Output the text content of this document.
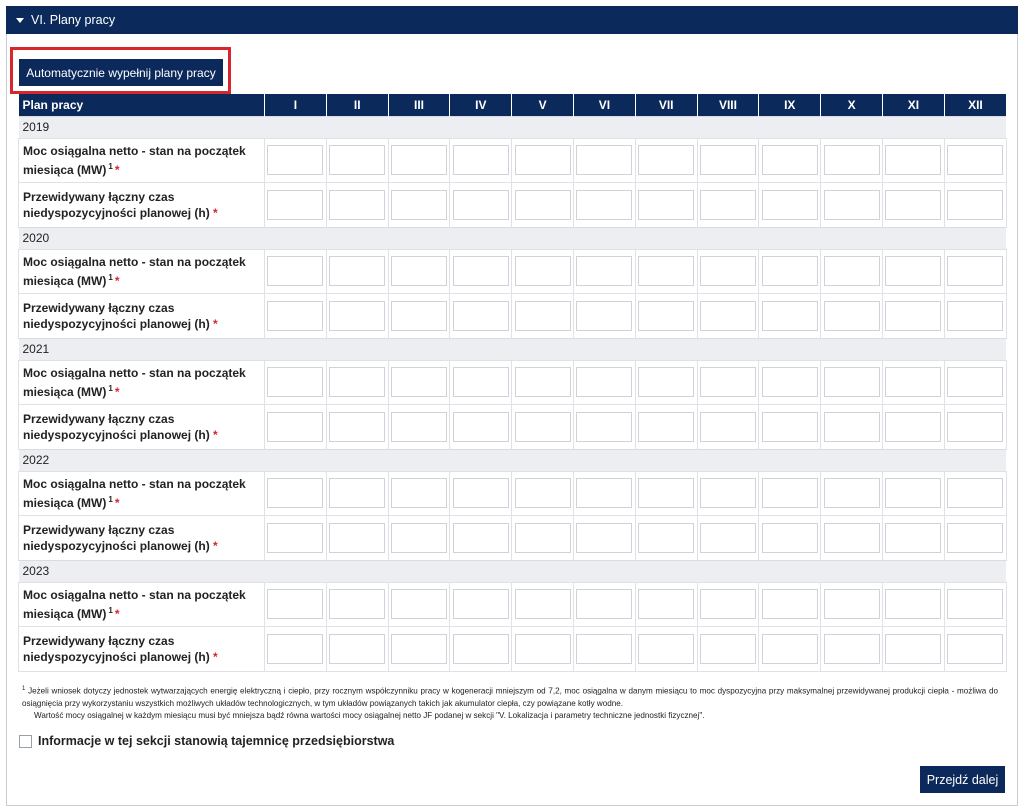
VI. Plany pracy
Automatycznie wypełnij plany pracy
Plan pracy	I	II	III	IV	V	VI	VII	VIII	IX	X	XI	XII
2019												
Moc osiągalna netto - stan na początek miesiąca (MW) $^1$ *												
Przewidywany łączny czas niedyspozycyjności planowej (h) *												
2020												
Moc osiągalna netto - stan na początek miesiąca (MW) $^1$ *												
Przewidywany łączny czas niedyspozycyjności planowej (h) *												
2021												
Moc osiągalna netto - stan na początek miesiąca (MW) $^1$ *												
Przewidywany łączny czas niedyspozycyjności planowej (h) *												
2022												
Moc osiągalna netto - stan na początek miesiąca (MW) $^1$ *												
Przewidywany łączny czas niedyspozycyjności planowej (h) *												
2023												
Moc osiągalna netto - stan na początek miesiąca (MW) $^1$ *												
Przewidywany łączny czas niedyspozycyjności planowej (h) *												
$^1$ Jeżeli wniosek dotyczy jednostek wytwarzających energię elektryczną i ciepło, przy rocznym współczynniku pracy w kogeneracji mniejszym od 7,2, moc osiągalna w danym miesiącu to moc dyspozycyjna przy maksymalnej przewidywanej produkcji ciepła - możliwa do osiągnięcia przy wykorzystaniu wszystkich możliwych układów technologicznych, w tym układów powiązanych takich jak akumulator ciepła, czy powiązane kotły wodne.
Wartość mocy osiągalnej w każdym miesiącu musi być mniejsza bądź równa wartości mocy osiągalnej netto JF podanej w sekcji "V. Lokalizacja i parametry techniczne jednostki fizycznej".
Informacje w tej sekcji stanowią tajemnicę przedsiębiorstwa
Przejdź dalej
